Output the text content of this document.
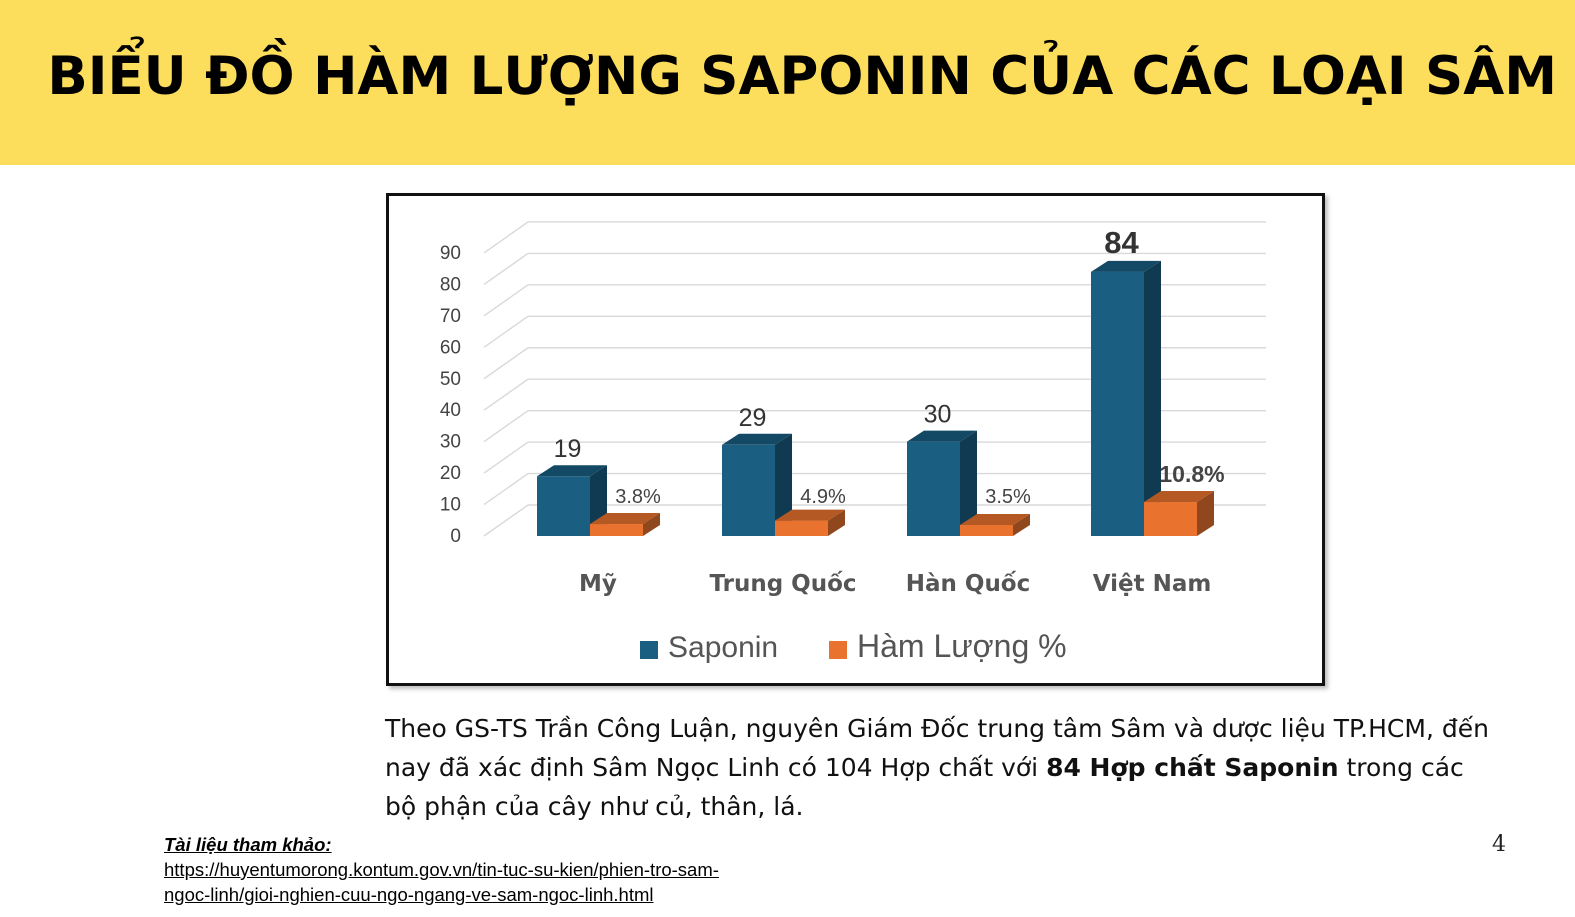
BIỂU ĐỒ HÀM LƯỢNG SAPONIN CỦA CÁC LOẠI SÂM
0
10
20
30
40
50
60
70
80
90
19
3.8%
Mỹ
29
4.9%
Trung Quốc
30
3.5%
Hàn Quốc
84
10.8%
Việt Nam
Saponin Hàm Lượng %
Theo GS-TS Trần Công Luận, nguyên Giám Đốc trung tâm Sâm và dược liệu TP.HCM, đến nay đã xác định Sâm Ngọc Linh có 104 Hợp chất với 84 Hợp chất Saponin trong các bộ phận của cây như củ, thân, lá.
Tài liệu tham khảo:
https://huyentumorong.kontum.gov.vn/tin-tuc-su-kien/phien-tro-sam-
ngoc-linh/gioi-nghien-cuu-ngo-ngang-ve-sam-ngoc-linh.html
4
